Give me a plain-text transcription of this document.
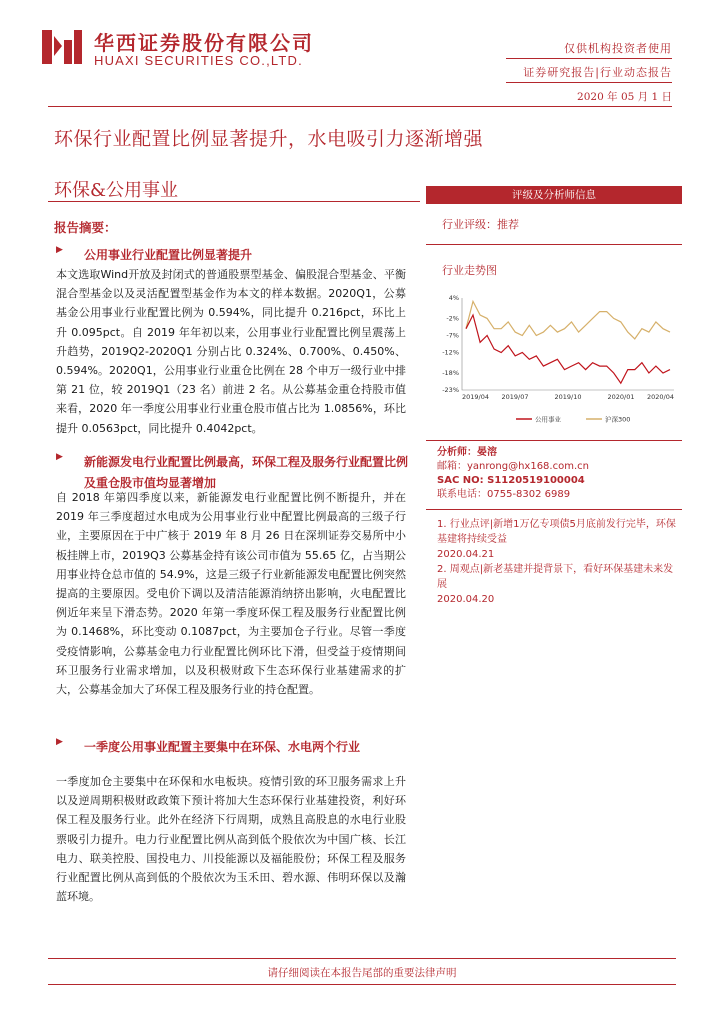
华西证券股份有限公司
HUAXI SECURITIES CO.,LTD.
仅供机构投资者使用
证券研究报告|行业动态报告
2020 年 05 月 1 日
环保行业配置比例显著提升，水电吸引力逐渐增强
环保&公用事业
报告摘要：
▶ 公用事业行业配置比例显著提升
本文选取Wind开放及封闭式的普通股票型基金、偏股混合型基金、平衡混合型基金以及灵活配置型基金作为本文的样本数据。2020Q1，公募基金公用事业行业配置比例为 0.594%，同比提升 0.216pct，环比上升 0.095pct。自 2019 年年初以来，公用事业行业配置比例呈震荡上升趋势，2019Q2-2020Q1 分别占比 0.324%、0.700%、0.450%、0.594%。2020Q1，公用事业行业重仓比例在 28 个申万一级行业中排第 21 位，较 2019Q1（23 名）前进 2 名。从公募基金重仓持股市值来看，2020 年一季度公用事业行业重仓股市值占比为 1.0856%，环比提升 0.0563pct，同比提升 0.4042pct。
▶ 新能源发电行业配置比例最高，环保工程及服务行业配置比例及重仓股市值均显著增加
自 2018 年第四季度以来，新能源发电行业配置比例不断提升，并在 2019 年三季度超过水电成为公用事业行业中配置比例最高的三级子行业，主要原因在于中广核于 2019 年 8 月 26 日在深圳证券交易所中小板挂牌上市，2019Q3 公募基金持有该公司市值为 55.65 亿，占当期公用事业持仓总市值的 54.9%，这是三级子行业新能源发电配置比例突然提高的主要原因。受电价下调以及清洁能源消纳挤出影响，火电配置比例近年来呈下滑态势。2020 年第一季度环保工程及服务行业配置比例为 0.1468%，环比变动 0.1087pct，为主要加仓子行业。尽管一季度受疫情影响，公募基金电力行业配置比例环比下滑，但受益于疫情期间环卫服务行业需求增加，以及积极财政下生态环保行业基建需求的扩大，公募基金加大了环保工程及服务行业的持仓配置。
▶ 一季度公用事业配置主要集中在环保、水电两个行业
一季度加仓主要集中在环保和水电板块。疫情引致的环卫服务需求上升以及逆周期积极财政政策下预计将加大生态环保行业基建投资，利好环保工程及服务行业。此外在经济下行周期，成熟且高股息的水电行业股票吸引力提升。电力行业配置比例从高到低个股依次为中国广核、长江电力、联美控股、国投电力、川投能源以及福能股份；环保工程及服务行业配置比例从高到低的个股依次为玉禾田、碧水源、伟明环保以及瀚蓝环境。
评级及分析师信息
行业评级：推荐
行业走势图
4%
-2%
-7%
-12%
-18%
-23%
2019/04 2019/07	2019/10	2020/01 2020/04
公用事业	沪深300
分析师：晏溶
邮箱：yanrong@hx168.com.cn
SAC NO: S1120519100004
联系电话：0755-8302 6989
1. 行业点评|新增1万亿专项债5月底前发行完毕，环保基建将持续受益
2020.04.21
2. 周观点|新老基建并提背景下，看好环保基建未来发展
2020.04.20
请仔细阅读在本报告尾部的重要法律声明
